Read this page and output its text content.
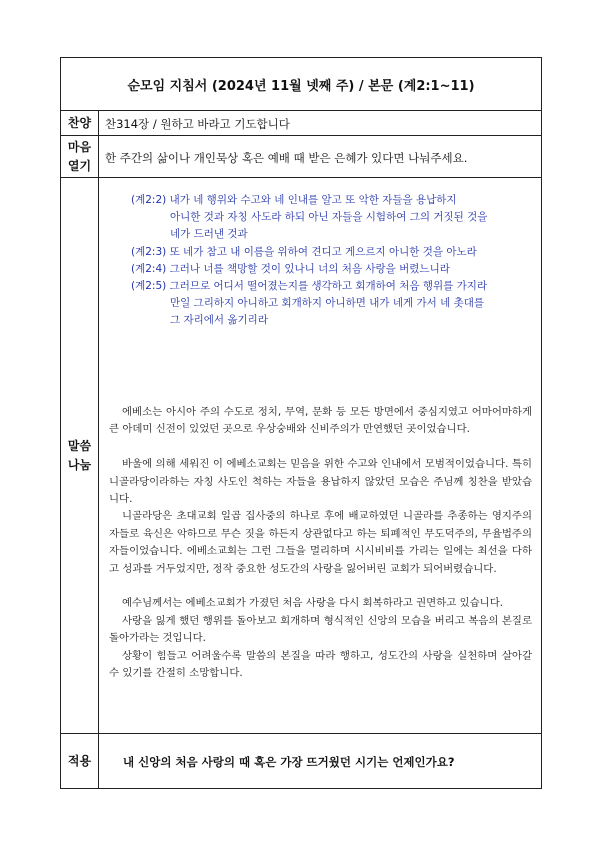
순모임 지침서 (2024년 11월 넷째 주) / 본문 (계2:1~11)
찬양 찬314장 / 원하고 바라고 기도합니다
마음
열기
한 주간의 삶이나 개인묵상 혹은 예배 때 받은 은혜가 있다면 나눠주세요.
말씀
나눔
(계2:2) 내가 네 행위와 수고와 네 인내를 알고 또 악한 자들을 용납하지
아니한 것과 자칭 사도라 하되 아닌 자들을 시험하여 그의 거짓된 것을
네가 드러낸 것과
(계2:3) 또 네가 참고 내 이름을 위하여 견디고 게으르지 아니한 것을 아노라
(계2:4) 그러나 너를 책망할 것이 있나니 너의 처음 사랑을 버렸느니라
(계2:5) 그러므로 어디서 떨어졌는지를 생각하고 회개하여 처음 행위를 가지라
만일 그리하지 아니하고 회개하지 아니하면 내가 네게 가서 네 촛대를
그 자리에서 옮기리라

에베소는 아시아 주의 수도로 정치, 무역, 문화 등 모든 방면에서 중심지였고 어마어마하게 큰 아데미 신전이 있었던 곳으로 우상숭배와 신비주의가 만연했던 곳이었습니다.

바울에 의해 세워진 이 에베소교회는 믿음을 위한 수고와 인내에서 모범적이었습니다. 특히 니골라당이라하는 자칭 사도인 척하는 자들을 용납하지 않았던 모습은 주님께 칭찬을 받았습니다.

니골라당은 초대교회 일곱 집사중의 하나로 후에 배교하였던 니골라를 추종하는 영지주의자들로 육신은 악하므로 무슨 짓을 하든지 상관없다고 하는 퇴폐적인 무도덕주의, 무율법주의자들이었습니다. 에베소교회는 그런 그들을 멀리하며 시시비비를 가리는 일에는 최선을 다하고 성과를 거두었지만, 정작 중요한 성도간의 사랑을 잃어버린 교회가 되어버렸습니다.

예수님께서는 에베소교회가 가졌던 처음 사랑을 다시 회복하라고 권면하고 있습니다.

사랑을 잃게 했던 행위를 돌아보고 회개하며 형식적인 신앙의 모습을 버리고 복음의 본질로 돌아가라는 것입니다.

상황이 힘들고 어려울수록 말씀의 본질을 따라 행하고, 성도간의 사랑을 실천하며 살아갈 수 있기를 간절히 소망합니다.

적용	내 신앙의 처음 사랑의 때 혹은 가장 뜨거웠던 시기는 언제인가요?
